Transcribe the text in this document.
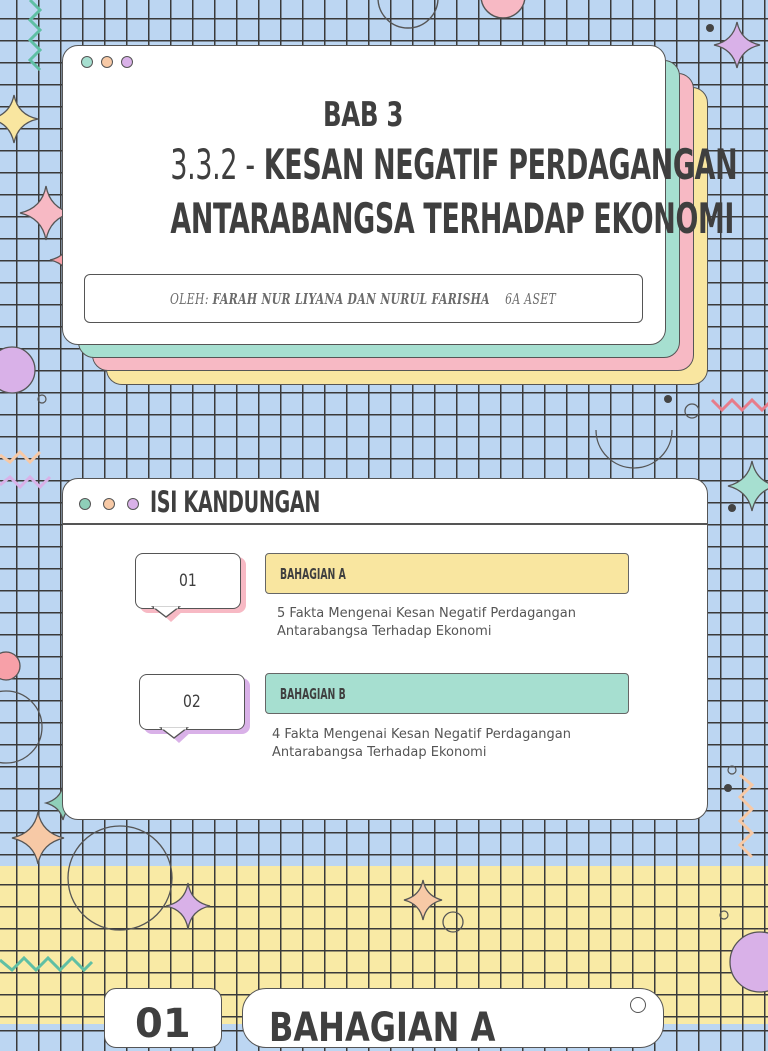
BAB 3
3.3.2 - KESAN NEGATIF PERDAGANGAN
ANTARABANGSA TERHADAP EKONOMI
OLEH: FARAH NUR LIYANA DAN NURUL FARISHA 6A ASET
ISI KANDUNGAN
01	BAHAGIAN A
5 Fakta Mengenai Kesan Negatif Perdagangan Antarabangsa Terhadap Ekonomi
02	BAHAGIAN B
4 Fakta Mengenai Kesan Negatif Perdagangan Antarabangsa Terhadap Ekonomi
01 BAHAGIAN A
